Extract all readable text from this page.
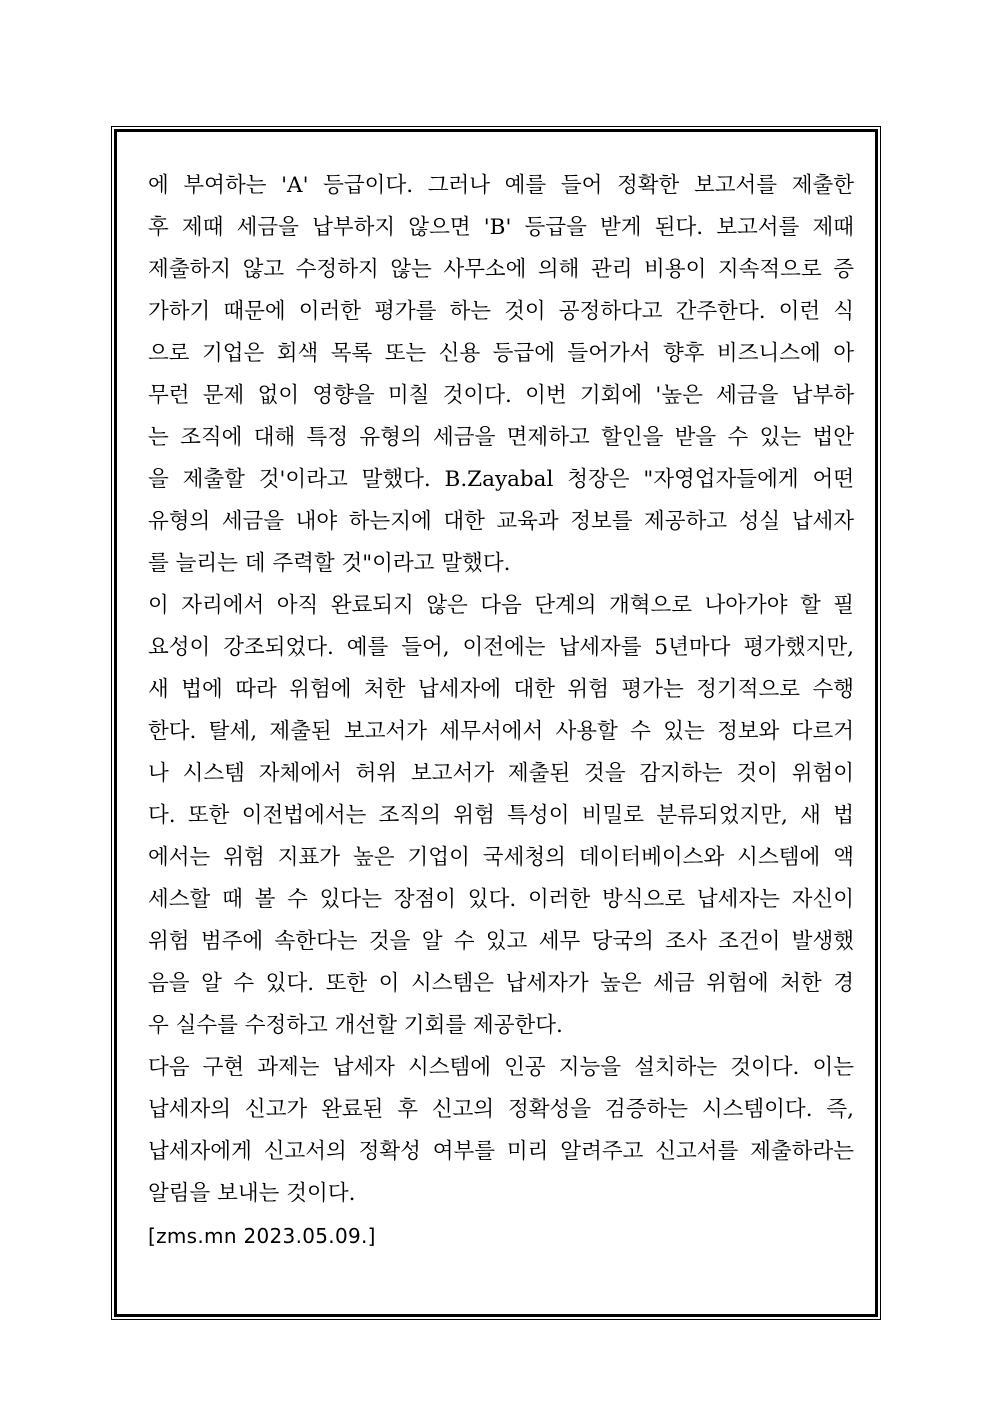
에 부여하는 'A' 등급이다. 그러나 예를 들어 정확한 보고서를 제출한
후 제때 세금을 납부하지 않으면 'B' 등급을 받게 된다. 보고서를 제때
제출하지 않고 수정하지 않는 사무소에 의해 관리 비용이 지속적으로 증
가하기 때문에 이러한 평가를 하는 것이 공정하다고 간주한다. 이런 식
으로 기업은 회색 목록 또는 신용 등급에 들어가서 향후 비즈니스에 아
무런 문제 없이 영향을 미칠 것이다. 이번 기회에 '높은 세금을 납부하
는 조직에 대해 특정 유형의 세금을 면제하고 할인을 받을 수 있는 법안
을 제출할 것'이라고 말했다. B.Zayabal 청장은 "자영업자들에게 어떤
유형의 세금을 내야 하는지에 대한 교육과 정보를 제공하고 성실 납세자
를 늘리는 데 주력할 것"이라고 말했다.
이 자리에서 아직 완료되지 않은 다음 단계의 개혁으로 나아가야 할 필
요성이 강조되었다. 예를 들어, 이전에는 납세자를 5년마다 평가했지만,
새 법에 따라 위험에 처한 납세자에 대한 위험 평가는 정기적으로 수행
한다. 탈세, 제출된 보고서가 세무서에서 사용할 수 있는 정보와 다르거
나 시스템 자체에서 허위 보고서가 제출된 것을 감지하는 것이 위험이
다. 또한 이전법에서는 조직의 위험 특성이 비밀로 분류되었지만, 새 법
에서는 위험 지표가 높은 기업이 국세청의 데이터베이스와 시스템에 액
세스할 때 볼 수 있다는 장점이 있다. 이러한 방식으로 납세자는 자신이
위험 범주에 속한다는 것을 알 수 있고 세무 당국의 조사 조건이 발생했
음을 알 수 있다. 또한 이 시스템은 납세자가 높은 세금 위험에 처한 경
우 실수를 수정하고 개선할 기회를 제공한다.
다음 구현 과제는 납세자 시스템에 인공 지능을 설치하는 것이다. 이는
납세자의 신고가 완료된 후 신고의 정확성을 검증하는 시스템이다. 즉,
납세자에게 신고서의 정확성 여부를 미리 알려주고 신고서를 제출하라는
알림을 보내는 것이다.
[zms.mn 2023.05.09.]
